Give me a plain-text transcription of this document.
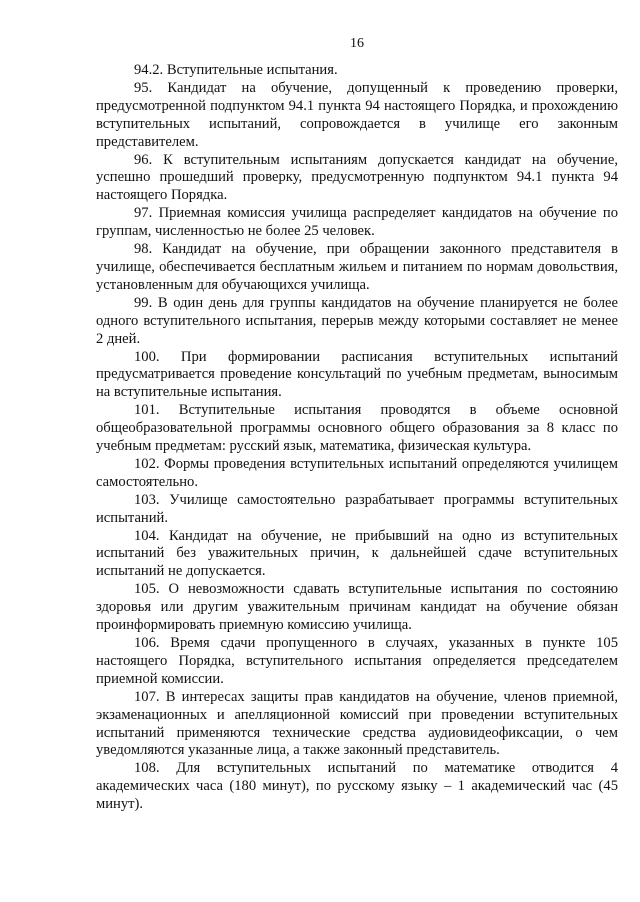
16

94.2. Вступительные испытания.

95. Кандидат на обучение, допущенный к проведению проверки, предусмотренной подпунктом 94.1 пункта 94 настоящего Порядка, и прохождению вступительных испытаний, сопровождается в училище его законным представителем.

96. К вступительным испытаниям допускается кандидат на обучение, успешно прошедший проверку, предусмотренную подпунктом 94.1 пункта 94 настоящего Порядка.

97. Приемная комиссия училища распределяет кандидатов на обучение по группам, численностью не более 25 человек.

98. Кандидат на обучение, при обращении законного представителя в училище, обеспечивается бесплатным жильем и питанием по нормам довольствия, установленным для обучающихся училища.

99. В один день для группы кандидатов на обучение планируется не более одного вступительного испытания, перерыв между которыми составляет не менее 2 дней.

100. При формировании расписания вступительных испытаний предусматривается проведение консультаций по учебным предметам, выносимым на вступительные испытания.

101. Вступительные испытания проводятся в объеме основной общеобразовательной программы основного общего образования за 8 класс по учебным предметам: русский язык, математика, физическая культура.

102. Формы проведения вступительных испытаний определяются училищем самостоятельно.

103. Училище самостоятельно разрабатывает программы вступительных испытаний.

104. Кандидат на обучение, не прибывший на одно из вступительных испытаний без уважительных причин, к дальнейшей сдаче вступительных испытаний не допускается.

105. О невозможности сдавать вступительные испытания по состоянию здоровья или другим уважительным причинам кандидат на обучение обязан проинформировать приемную комиссию училища.

106. Время сдачи пропущенного в случаях, указанных в пункте 105 настоящего Порядка, вступительного испытания определяется председателем приемной комиссии.

107. В интересах защиты прав кандидатов на обучение, членов приемной, экзаменационных и апелляционной комиссий при проведении вступительных испытаний применяются технические средства аудиовидеофиксации, о чем уведомляются указанные лица, а также законный представитель.

108. Для вступительных испытаний по математике отводится 4 академических часа (180 минут), по русскому языку – 1 академический час (45 минут).
